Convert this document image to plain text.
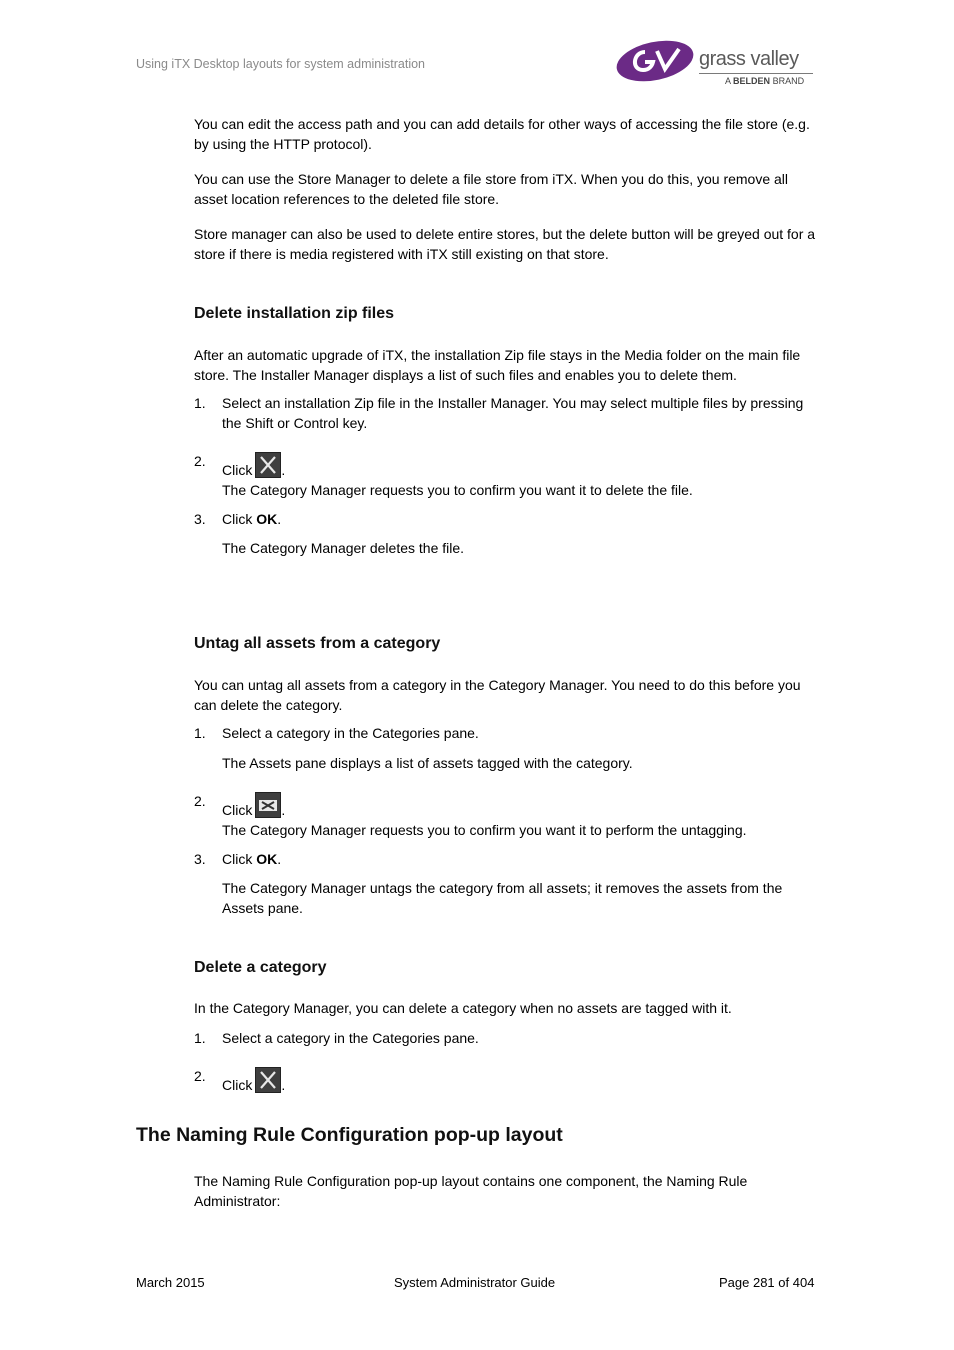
Using iTX Desktop layouts for system administration	grass valley
A BELDEN BRAND
You can edit the access path and you can add details for other ways of accessing the file store (e.g. by using the HTTP protocol).
You can use the Store Manager to delete a file store from iTX. When you do this, you remove all asset location references to the deleted file store.
Store manager can also be used to delete entire stores, but the delete button will be greyed out for a store if there is media registered with iTX still existing on that store.
Delete installation zip files
After an automatic upgrade of iTX, the installation Zip file stays in the Media folder on the main file store. The Installer Manager displays a list of such files and enables you to delete them.
1. Select an installation Zip file in the Installer Manager. You may select multiple files by pressing the Shift or Control key.
2.
Click .
The Category Manager requests you to confirm you want it to delete the file.
3. Click OK.
The Category Manager deletes the file.
Untag all assets from a category
You can untag all assets from a category in the Category Manager. You need to do this before you can delete the category.
1. Select a category in the Categories pane.
The Assets pane displays a list of assets tagged with the category.
2.
Click .
The Category Manager requests you to confirm you want it to perform the untagging.
3. Click OK.
The Category Manager untags the category from all assets; it removes the assets from the Assets pane.
Delete a category
In the Category Manager, you can delete a category when no assets are tagged with it.
1. Select a category in the Categories pane.
2.
Click .
The Naming Rule Configuration pop-up layout
The Naming Rule Configuration pop-up layout contains one component, the Naming Rule Administrator:
March 2015	System Administrator Guide	Page 281 of 404
